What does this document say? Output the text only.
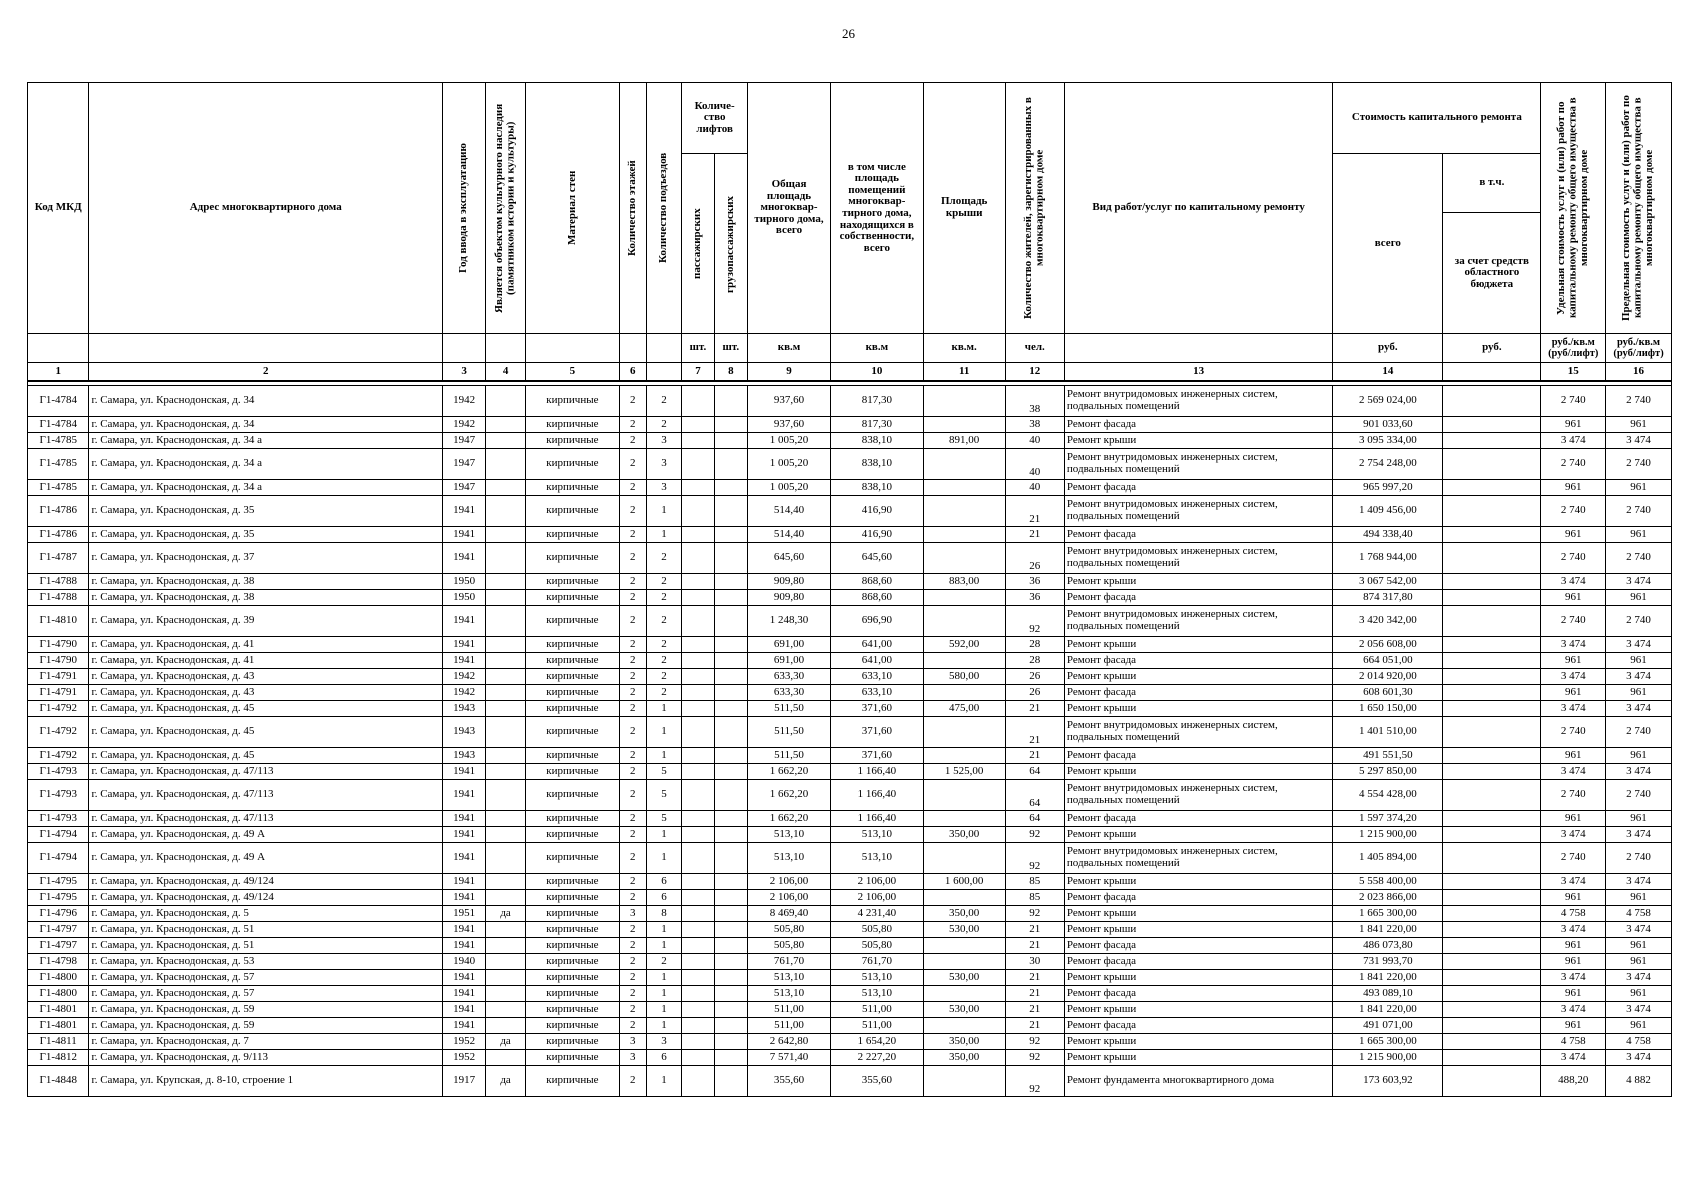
26
Код МКД	Адрес многоквартирного дома	Год ввода в эксплуатацию	Является объектом культурного наследия (памятником истории и культуры)	Материал стен	Количество этажей	Количество подъездов	Количе-ство лифтов		Общая площадь многоквар-тирного дома, всего	в том числе площадь помещений многоквар-тирного дома, находящихся в собственности, всего	Площадь крыши	Количество жителей, зарегистрированных в многоквартирном доме	Вид работ/услуг по капитальному ремонту	Стоимость капитального ремонта		Удельная стоимость услуг и (или) работ по капитальному ремонту общего имущества в многоквартирном доме	Предельная стоимость услуг и (или) работ по капитальному ремонту общего имущества в многоквартирном доме

							пассажирских	грузопассажирских						всего	в т.ч.		
															за счет средств областного бюджета		
							шт.	шт.	кв.м	кв.м	кв.м.	чел.		руб.	руб.	руб./кв.м (руб/лифт)	руб./кв.м (руб/лифт)
1	2	3	4	5	6		7	8	9	10	11	12	13	14		15	16

Г1-4784	г. Самара, ул. Краснодонская, д. 34	1942		кирпичные	2	2			937,60	817,30		38	Ремонт внутридомовых инженерных систем, подвальных помещений	2 569 024,00		2 740	2 740
Г1-4784	г. Самара, ул. Краснодонская, д. 34	1942		кирпичные	2	2			937,60	817,30		38	Ремонт фасада	901 033,60		961	961
Г1-4785	г. Самара, ул. Краснодонская, д. 34 а	1947		кирпичные	2	3			1 005,20	838,10	891,00	40	Ремонт крыши	3 095 334,00		3 474	3 474
Г1-4785	г. Самара, ул. Краснодонская, д. 34 а	1947		кирпичные	2	3			1 005,20	838,10		40	Ремонт внутридомовых инженерных систем, подвальных помещений	2 754 248,00		2 740	2 740
Г1-4785	г. Самара, ул. Краснодонская, д. 34 а	1947		кирпичные	2	3			1 005,20	838,10		40	Ремонт фасада	965 997,20		961	961
Г1-4786	г. Самара, ул. Краснодонская, д. 35	1941		кирпичные	2	1			514,40	416,90		21	Ремонт внутридомовых инженерных систем, подвальных помещений	1 409 456,00		2 740	2 740
Г1-4786	г. Самара, ул. Краснодонская, д. 35	1941		кирпичные	2	1			514,40	416,90		21	Ремонт фасада	494 338,40		961	961
Г1-4787	г. Самара, ул. Краснодонская, д. 37	1941		кирпичные	2	2			645,60	645,60		26	Ремонт внутридомовых инженерных систем, подвальных помещений	1 768 944,00		2 740	2 740
Г1-4788	г. Самара, ул. Краснодонская, д. 38	1950		кирпичные	2	2			909,80	868,60	883,00	36	Ремонт крыши	3 067 542,00		3 474	3 474
Г1-4788	г. Самара, ул. Краснодонская, д. 38	1950		кирпичные	2	2			909,80	868,60		36	Ремонт фасада	874 317,80		961	961
Г1-4810	г. Самара, ул. Краснодонская, д. 39	1941		кирпичные	2	2			1 248,30	696,90		92	Ремонт внутридомовых инженерных систем, подвальных помещений	3 420 342,00		2 740	2 740
Г1-4790	г. Самара, ул. Краснодонская, д. 41	1941		кирпичные	2	2			691,00	641,00	592,00	28	Ремонт крыши	2 056 608,00		3 474	3 474
Г1-4790	г. Самара, ул. Краснодонская, д. 41	1941		кирпичные	2	2			691,00	641,00		28	Ремонт фасада	664 051,00		961	961
Г1-4791	г. Самара, ул. Краснодонская, д. 43	1942		кирпичные	2	2			633,30	633,10	580,00	26	Ремонт крыши	2 014 920,00		3 474	3 474
Г1-4791	г. Самара, ул. Краснодонская, д. 43	1942		кирпичные	2	2			633,30	633,10		26	Ремонт фасада	608 601,30		961	961
Г1-4792	г. Самара, ул. Краснодонская, д. 45	1943		кирпичные	2	1			511,50	371,60	475,00	21	Ремонт крыши	1 650 150,00		3 474	3 474
Г1-4792	г. Самара, ул. Краснодонская, д. 45	1943		кирпичные	2	1			511,50	371,60		21	Ремонт внутридомовых инженерных систем, подвальных помещений	1 401 510,00		2 740	2 740
Г1-4792	г. Самара, ул. Краснодонская, д. 45	1943		кирпичные	2	1			511,50	371,60		21	Ремонт фасада	491 551,50		961	961
Г1-4793	г. Самара, ул. Краснодонская, д. 47/113	1941		кирпичные	2	5			1 662,20	1 166,40	1 525,00	64	Ремонт крыши	5 297 850,00		3 474	3 474
Г1-4793	г. Самара, ул. Краснодонская, д. 47/113	1941		кирпичные	2	5			1 662,20	1 166,40		64	Ремонт внутридомовых инженерных систем, подвальных помещений	4 554 428,00		2 740	2 740
Г1-4793	г. Самара, ул. Краснодонская, д. 47/113	1941		кирпичные	2	5			1 662,20	1 166,40		64	Ремонт фасада	1 597 374,20		961	961
Г1-4794	г. Самара, ул. Краснодонская, д. 49 А	1941		кирпичные	2	1			513,10	513,10	350,00	92	Ремонт крыши	1 215 900,00		3 474	3 474
Г1-4794	г. Самара, ул. Краснодонская, д. 49 А	1941		кирпичные	2	1			513,10	513,10		92	Ремонт внутридомовых инженерных систем, подвальных помещений	1 405 894,00		2 740	2 740
Г1-4795	г. Самара, ул. Краснодонская, д. 49/124	1941		кирпичные	2	6			2 106,00	2 106,00	1 600,00	85	Ремонт крыши	5 558 400,00		3 474	3 474
Г1-4795	г. Самара, ул. Краснодонская, д. 49/124	1941		кирпичные	2	6			2 106,00	2 106,00		85	Ремонт фасада	2 023 866,00		961	961
Г1-4796	г. Самара, ул. Краснодонская, д. 5	1951	да	кирпичные	3	8			8 469,40	4 231,40	350,00	92	Ремонт крыши	1 665 300,00		4 758	4 758
Г1-4797	г. Самара, ул. Краснодонская, д. 51	1941		кирпичные	2	1			505,80	505,80	530,00	21	Ремонт крыши	1 841 220,00		3 474	3 474
Г1-4797	г. Самара, ул. Краснодонская, д. 51	1941		кирпичные	2	1			505,80	505,80		21	Ремонт фасада	486 073,80		961	961
Г1-4798	г. Самара, ул. Краснодонская, д. 53	1940		кирпичные	2	2			761,70	761,70		30	Ремонт фасада	731 993,70		961	961
Г1-4800	г. Самара, ул. Краснодонская, д. 57	1941		кирпичные	2	1			513,10	513,10	530,00	21	Ремонт крыши	1 841 220,00		3 474	3 474
Г1-4800	г. Самара, ул. Краснодонская, д. 57	1941		кирпичные	2	1			513,10	513,10		21	Ремонт фасада	493 089,10		961	961
Г1-4801	г. Самара, ул. Краснодонская, д. 59	1941		кирпичные	2	1			511,00	511,00	530,00	21	Ремонт крыши	1 841 220,00		3 474	3 474
Г1-4801	г. Самара, ул. Краснодонская, д. 59	1941		кирпичные	2	1			511,00	511,00		21	Ремонт фасада	491 071,00		961	961
Г1-4811	г. Самара, ул. Краснодонская, д. 7	1952	да	кирпичные	3	3			2 642,80	1 654,20	350,00	92	Ремонт крыши	1 665 300,00		4 758	4 758
Г1-4812	г. Самара, ул. Краснодонская, д. 9/113	1952		кирпичные	3	6			7 571,40	2 227,20	350,00	92	Ремонт крыши	1 215 900,00		3 474	3 474
Г1-4848	г. Самара, ул. Крупская, д. 8-10, строение 1	1917	да	кирпичные	2	1			355,60	355,60		92	Ремонт фундамента многоквартирного дома	173 603,92		488,20	4 882
